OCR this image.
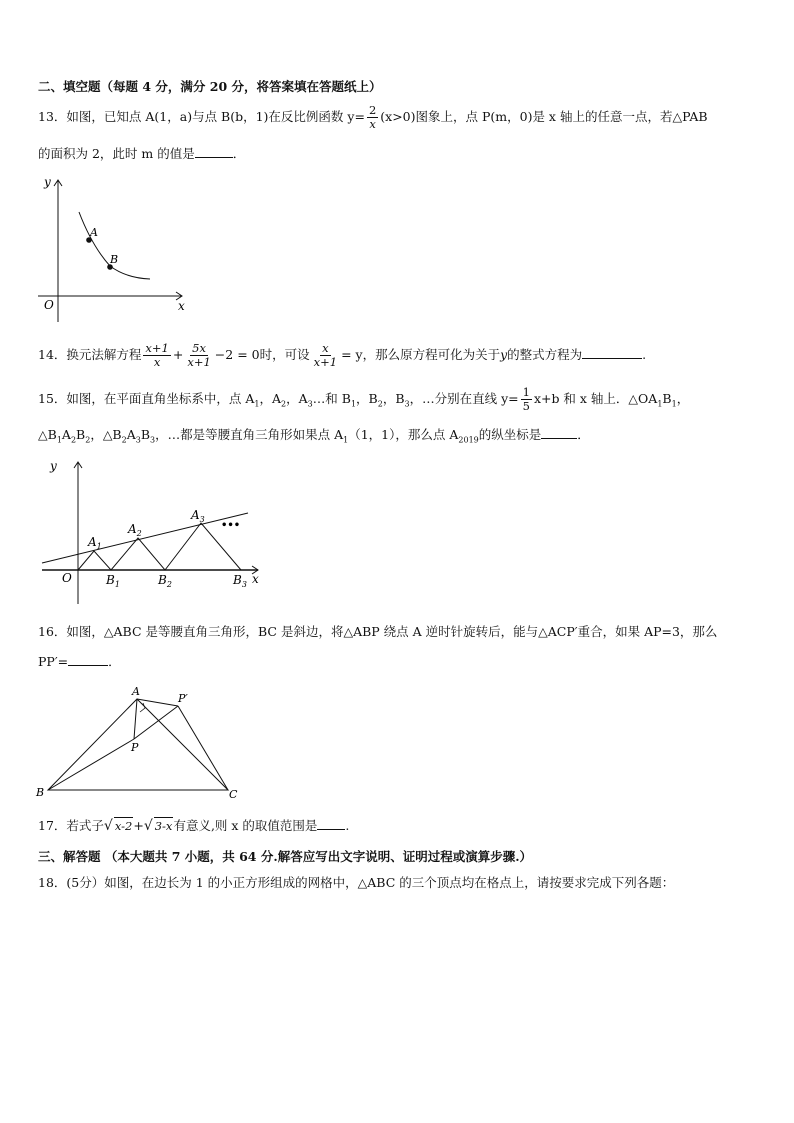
二、填空题（每题 4 分，满分 20 分，将答案填在答题纸上）
13．如图，已知点 A(1，a)与点 B(b，1)在反比例函数 $y= \frac{2}{x} (x>0)$图象上，点 P(m，0)是 x 轴上的任意一点，若△PAB
的面积为 2，此时 m 的值是	．
y
x
O
A
B
14．换元法解方程 $\frac{x+1}{x} + \frac{5x}{x+1} -2 = 0$时，可设 $\frac{x}{x+1} = y$，那么原方程可化为关于y的整式方程为	.
15．如图，在平面直角坐标系中，点 $A_1$，$A_2$，$A_3\dots$和 $B_1$，$B_2$，$B_3$，…分别在直线 $y= \frac{1}{5} x+b$ 和 x 轴上．$\triangle OA_1B_1$，
$\triangle B_1A_2B_2$，$\triangle B_2A_3B_3$，…都是等腰直角三角形如果点 $A_1(1$，1），那么点 $A_{2019}$的纵坐标是	．
y
x
O
$A_1$
$A_2$
$A_3$
•••
$B_1$	$B_2$	$B_3$
16．如图，△ABC 是等腰直角三角形，BC 是斜边，将△ABP 绕点 A 逆时针旋转后，能与△ACP′重合，如果 AP=3，那么
PP′=	．
A
P′
P
B	C
17．若式子√ x-2+√ 3-x有意义,则 x 的取值范围是 .
三、解答题 （本大题共 7 小题，共 64 分.解答应写出文字说明、证明过程或演算步骤.）
18．(5分）如图，在边长为 1 的小正方形组成的网格中，△ABC 的三个顶点均在格点上，请按要求完成下列各题：
